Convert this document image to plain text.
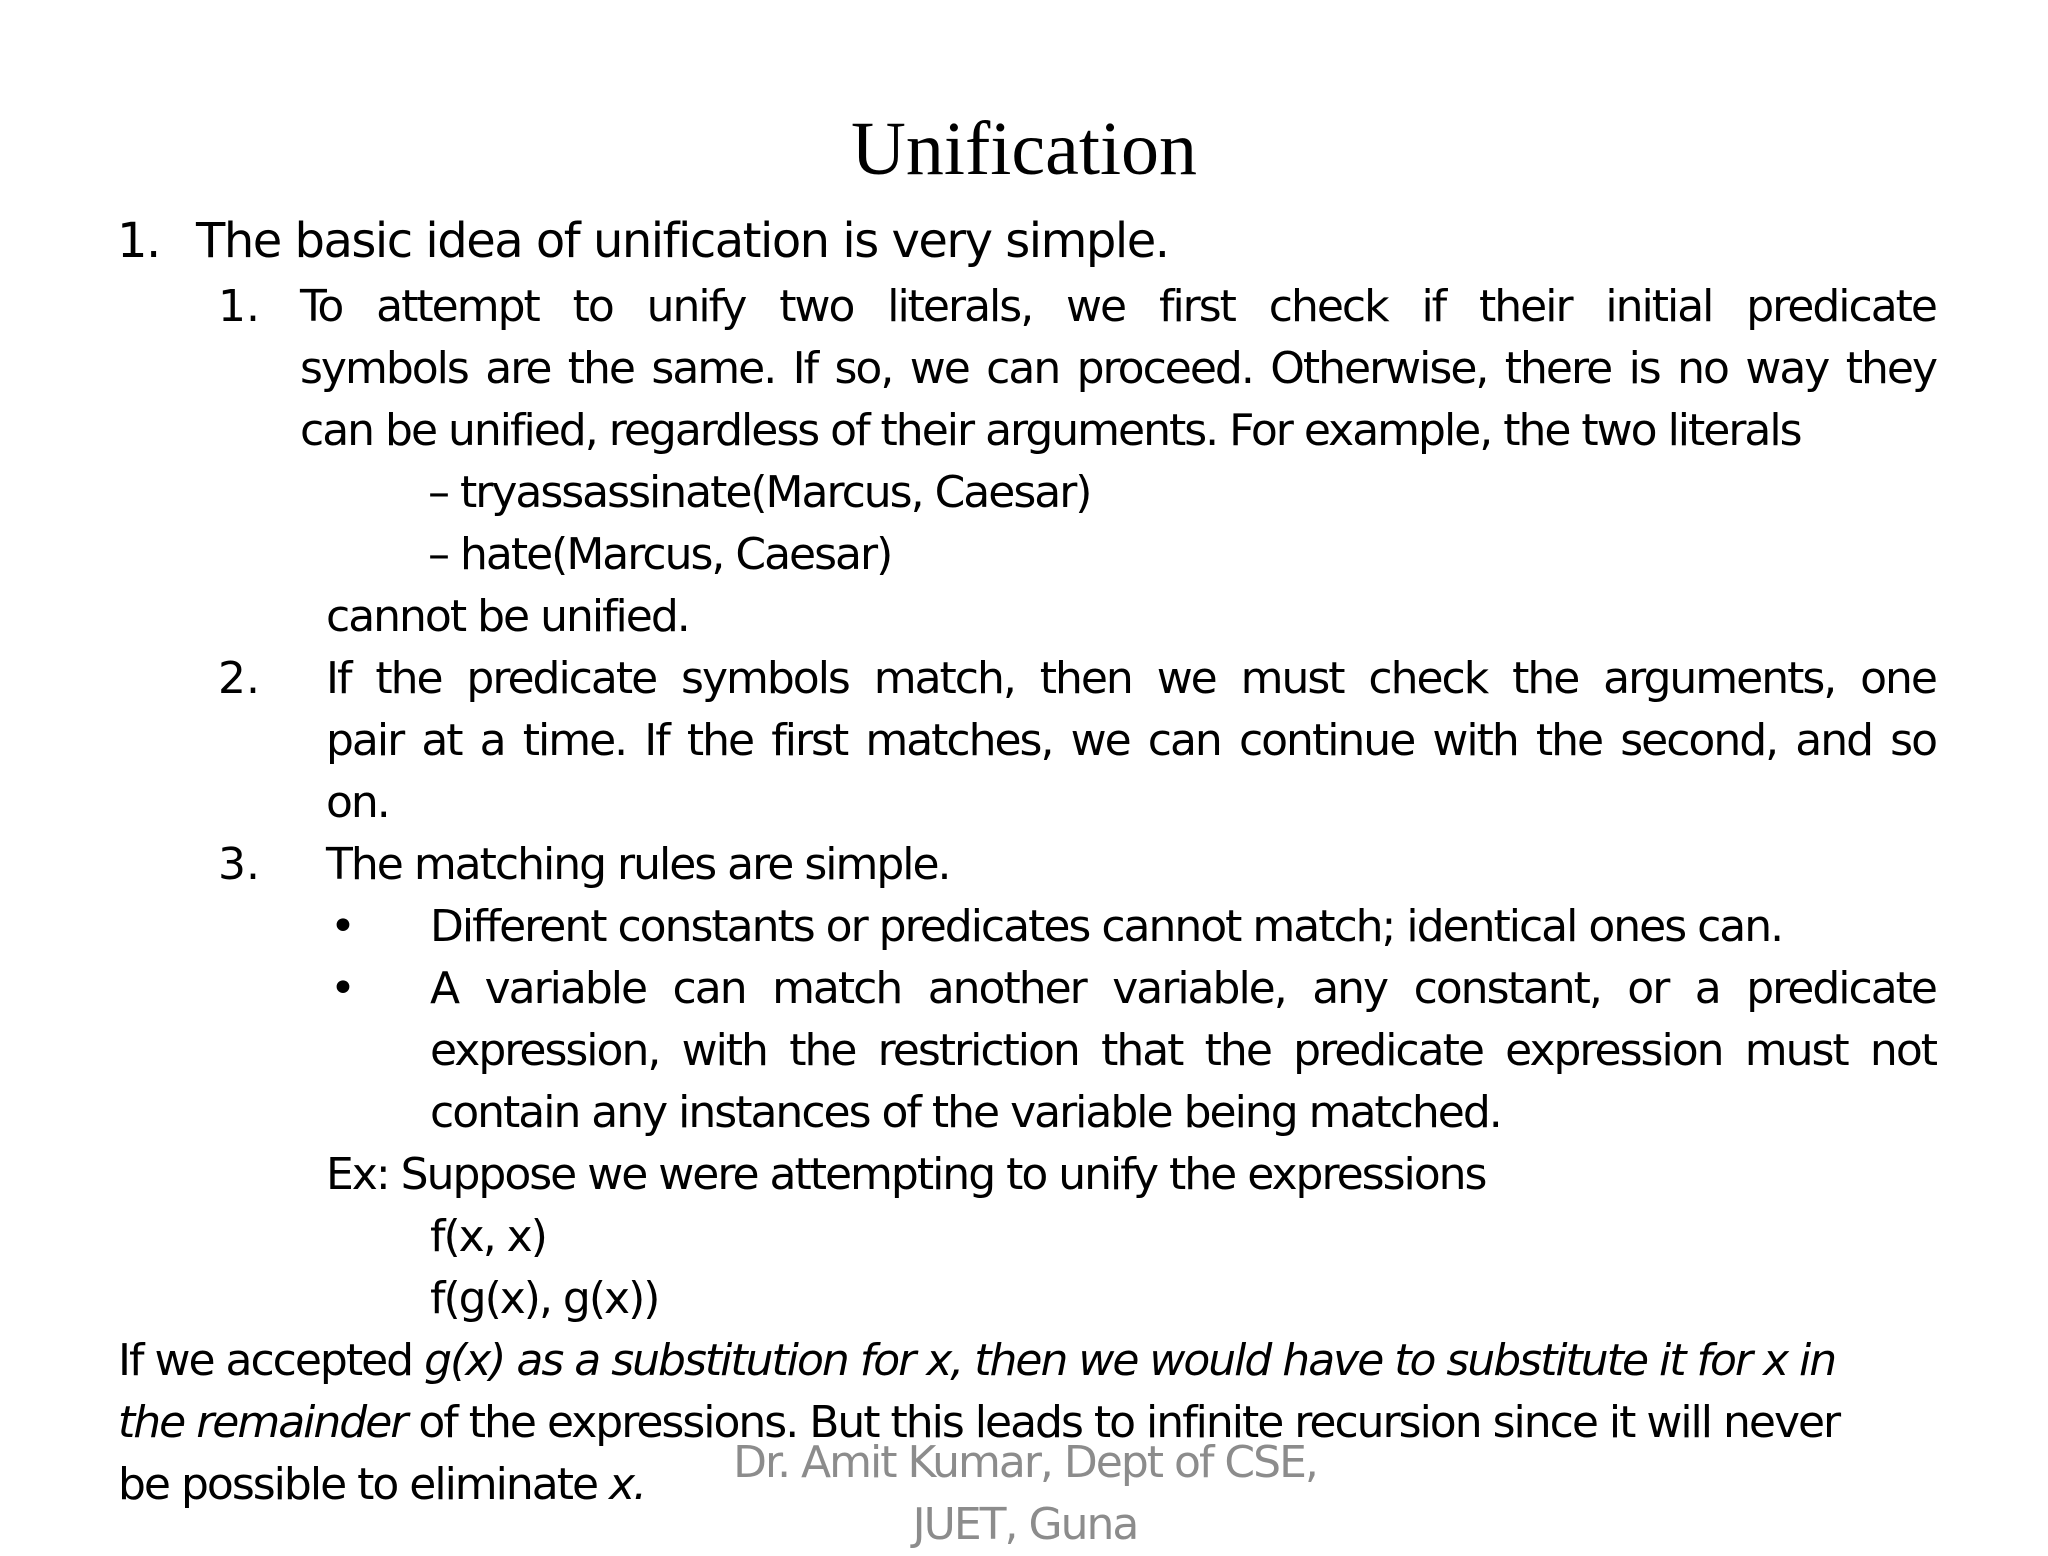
Unification
1. The basic idea of unification is very simple.
1. To attempt to unify two literals, we first check if their initial predicate
symbols are the same. If so, we can proceed. Otherwise, there is no way they
can be unified, regardless of their arguments. For example, the two literals
– tryassassinate(Marcus, Caesar)
– hate(Marcus, Caesar)
cannot be unified.
2. If the predicate symbols match, then we must check the arguments, one
pair at a time. If the first matches, we can continue with the second, and so
on.
3. The matching rules are simple.
• Different constants or predicates cannot match; identical ones can.
• A variable can match another variable, any constant, or a predicate
expression, with the restriction that the predicate expression must not
contain any instances of the variable being matched.
Ex: Suppose we were attempting to unify the expressions
f(x, x)
f(g(x), g(x))
If we accepted g(x) as a substitution for x, then we would have to substitute it for x in
the remainder of the expressions. But this leads to infinite recursion since it will never
be possible to eliminate x.	Dr. Amit Kumar, Dept of CSE,
JUET, Guna
